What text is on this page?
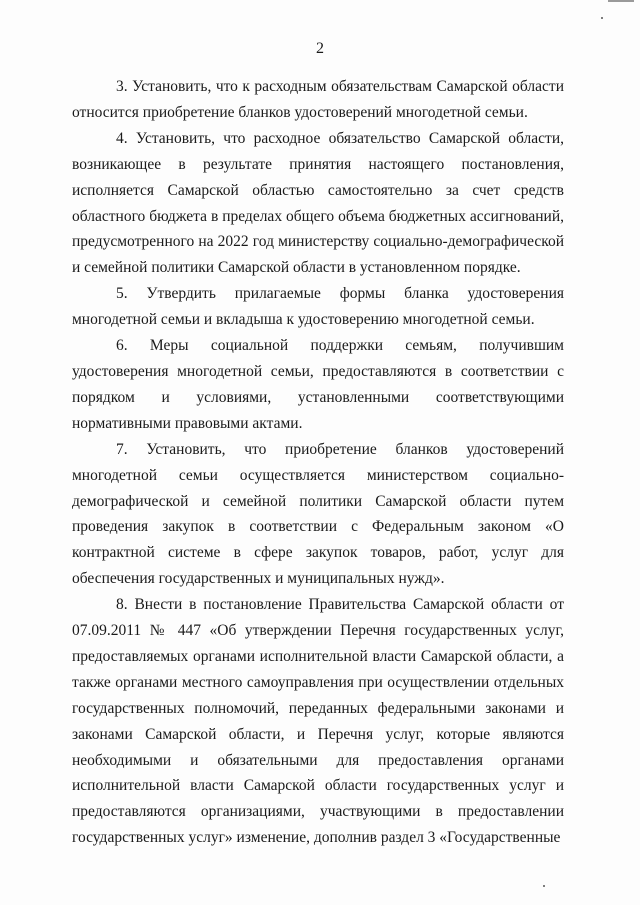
2

3. Установить, что к расходным обязательствам Самарской области относится приобретение бланков удостоверений многодетной семьи.

4. Установить, что расходное обязательство Самарской области, возникающее в результате принятия настоящего постановления, исполняется Самарской областью самостоятельно за счет средств областного бюджета в пределах общего объема бюджетных ассигнований, предусмотренного на 2022 год министерству социально-демографической и семейной политики Самарской области в установленном порядке.

5. Утвердить прилагаемые формы бланка удостоверения многодетной семьи и вкладыша к удостоверению многодетной семьи.

6. Меры социальной поддержки семьям, получившим удостоверения многодетной семьи, предоставляются в соответствии с порядком и условиями, установленными соответствующими нормативными правовыми актами.

7. Установить, что приобретение бланков удостоверений многодетной семьи осуществляется министерством социально-демографической и семейной политики Самарской области путем проведения закупок в соответствии с Федеральным законом «О контрактной системе в сфере закупок товаров, работ, услуг для обеспечения государственных и муниципальных нужд».

8. Внести в постановление Правительства Самарской области от 07.09.2011 № 447 «Об утверждении Перечня государственных услуг, предоставляемых органами исполнительной власти Самарской области, а также органами местного самоуправления при осуществлении отдельных государственных полномочий, переданных федеральными законами и законами Самарской области, и Перечня услуг, которые являются необходимыми и обязательными для предоставления органами исполнительной власти Самарской области государственных услуг и предоставляются организациями, участвующими в предоставлении государственных услуг» изменение, дополнив раздел 3 «Государственные
